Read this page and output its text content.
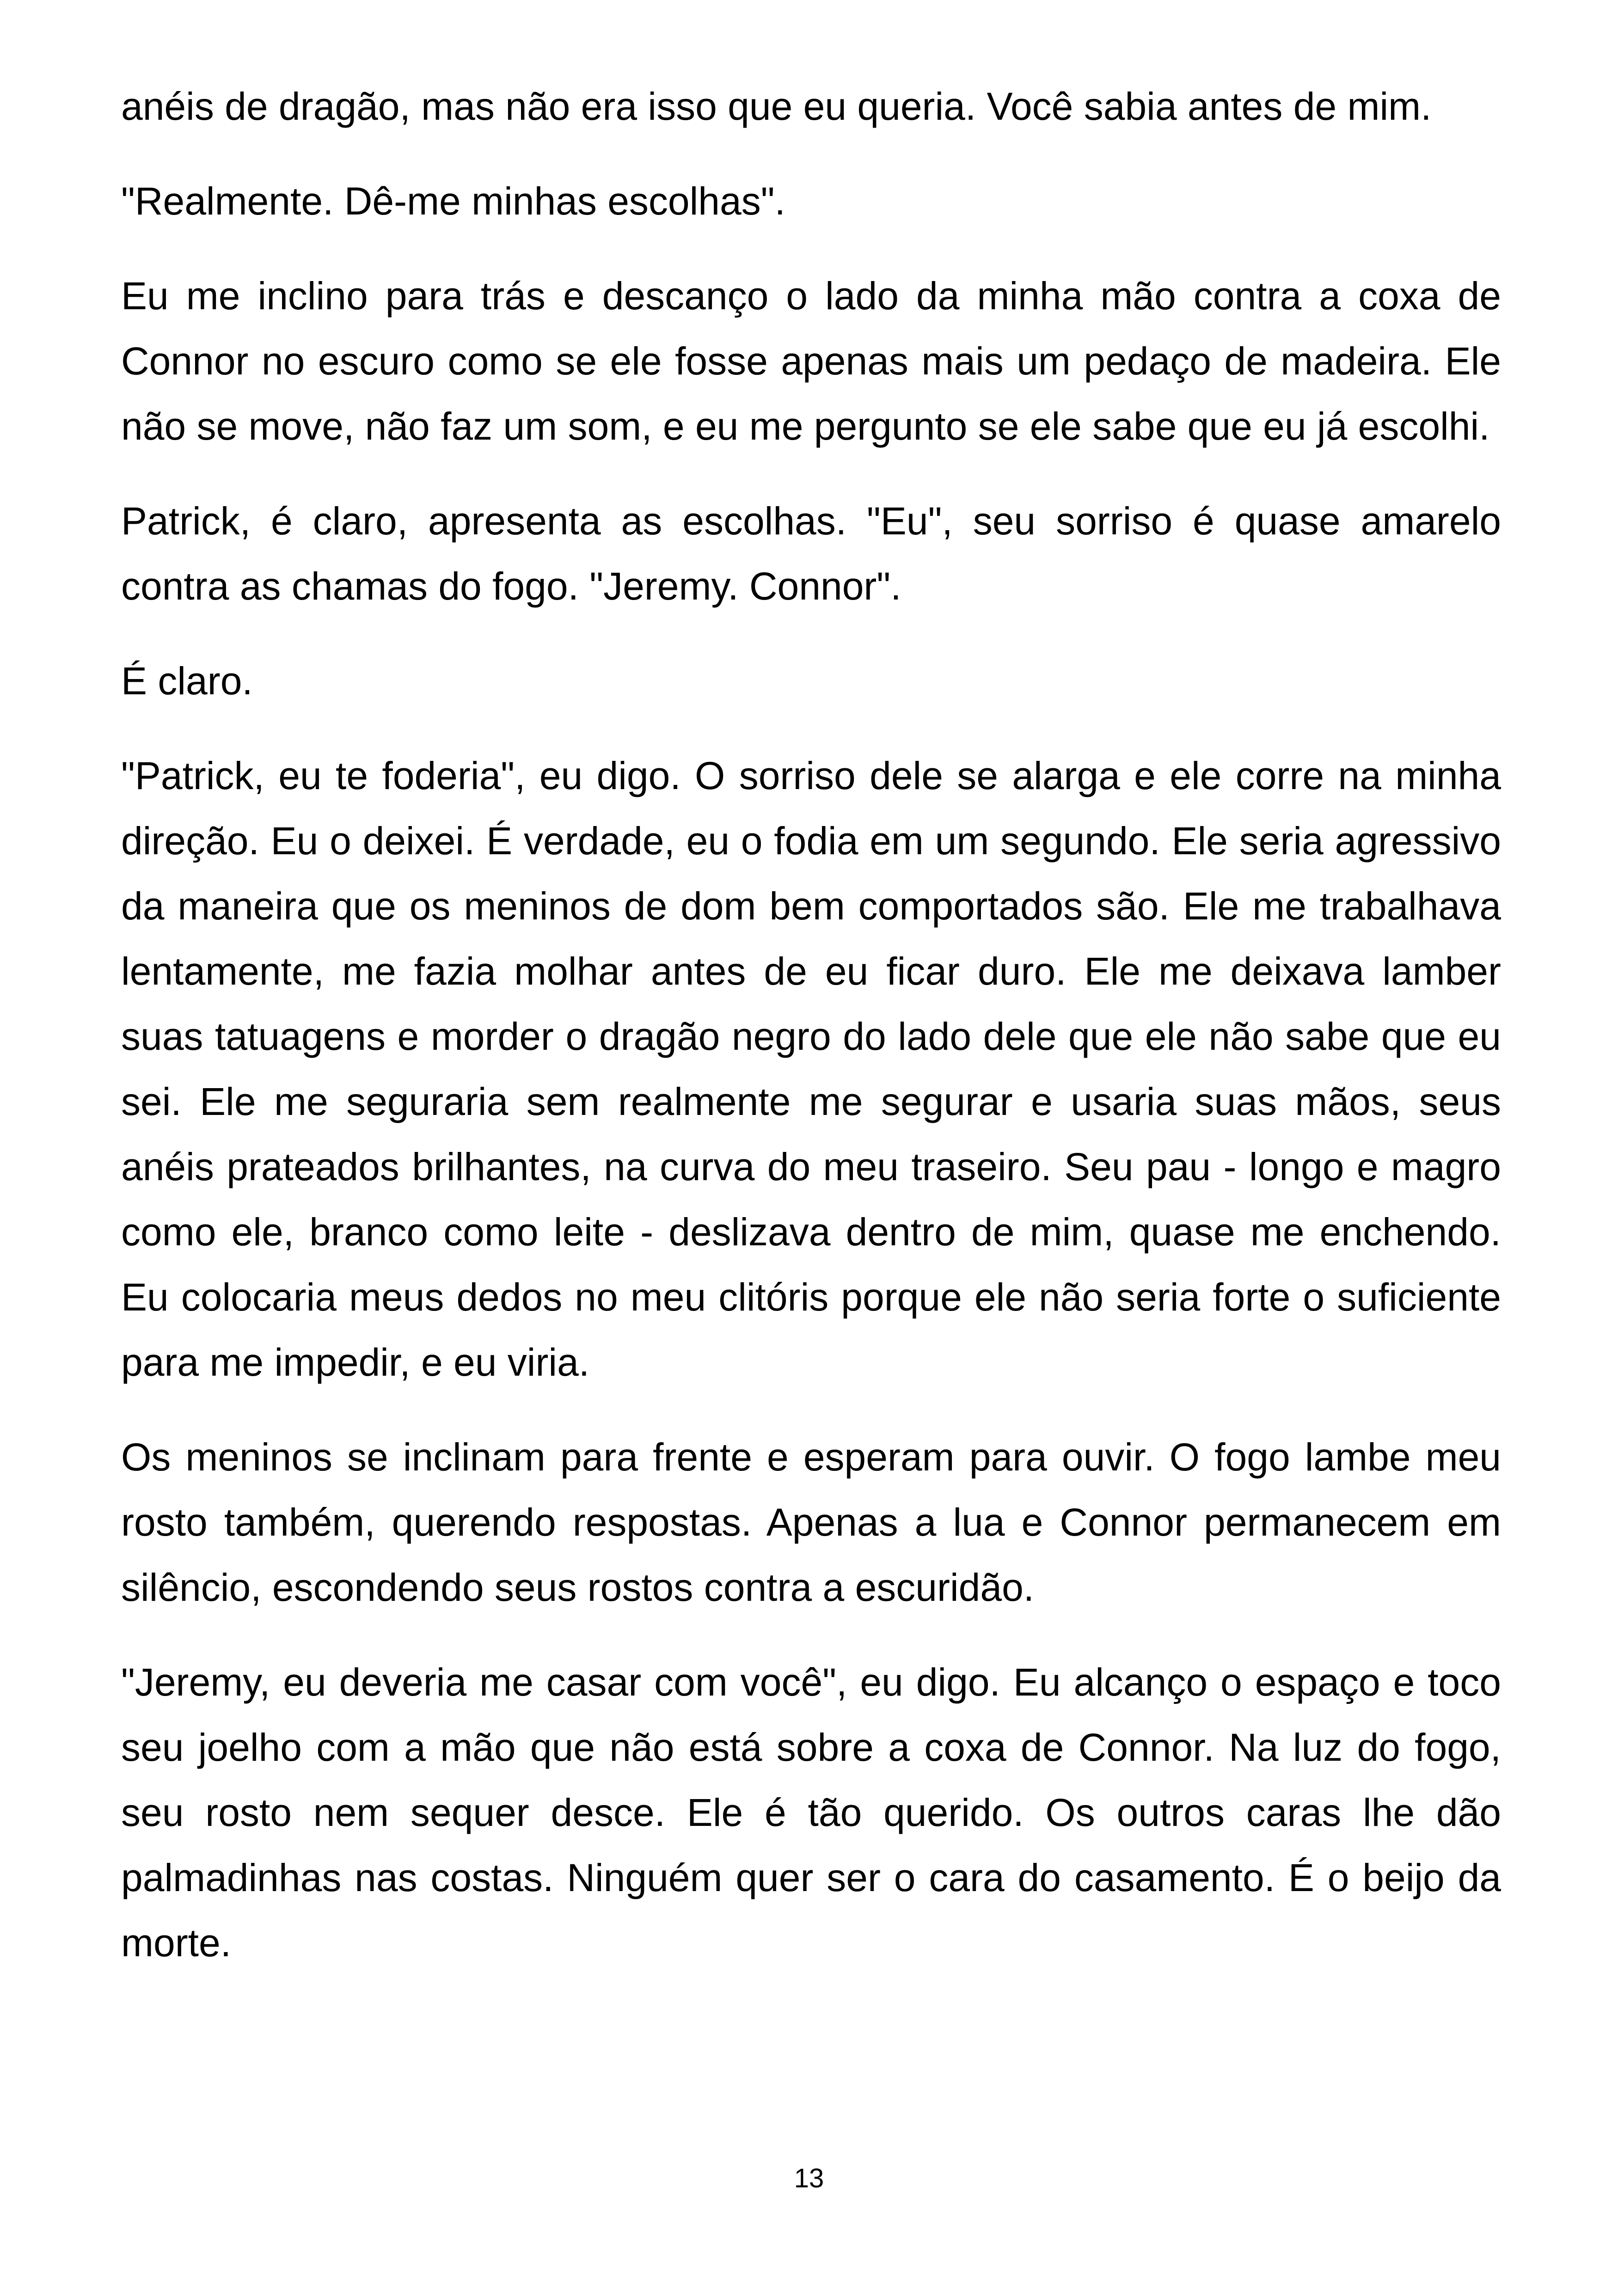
anéis de dragão, mas não era isso que eu queria. Você sabia antes de mim.

"Realmente. Dê-me minhas escolhas".

Eu me inclino para trás e descanço o lado da minha mão contra a coxa de Connor no escuro como se ele fosse apenas mais um pedaço de madeira. Ele não se move, não faz um som, e eu me pergunto se ele sabe que eu já escolhi.

Patrick, é claro, apresenta as escolhas. "Eu", seu sorriso é quase amarelo contra as chamas do fogo. "Jeremy. Connor".

É claro.

"Patrick, eu te foderia", eu digo. O sorriso dele se alarga e ele corre na minha direção. Eu o deixei. É verdade, eu o fodia em um segundo. Ele seria agressivo da maneira que os meninos de dom bem comportados são. Ele me trabalhava lentamente, me fazia molhar antes de eu ficar duro. Ele me deixava lamber suas tatuagens e morder o dragão negro do lado dele que ele não sabe que eu sei. Ele me seguraria sem realmente me segurar e usaria suas mãos, seus anéis prateados brilhantes, na curva do meu traseiro. Seu pau - longo e magro como ele, branco como leite - deslizava dentro de mim, quase me enchendo. Eu colocaria meus dedos no meu clitóris porque ele não seria forte o suficiente para me impedir, e eu viria.

Os meninos se inclinam para frente e esperam para ouvir. O fogo lambe meu rosto também, querendo respostas. Apenas a lua e Connor permanecem em silêncio, escondendo seus rostos contra a escuridão.

"Jeremy, eu deveria me casar com você", eu digo. Eu alcanço o espaço e toco seu joelho com a mão que não está sobre a coxa de Connor. Na luz do fogo, seu rosto nem sequer desce. Ele é tão querido. Os outros caras lhe dão palmadinhas nas costas. Ninguém quer ser o cara do casamento. É o beijo da morte.

13
